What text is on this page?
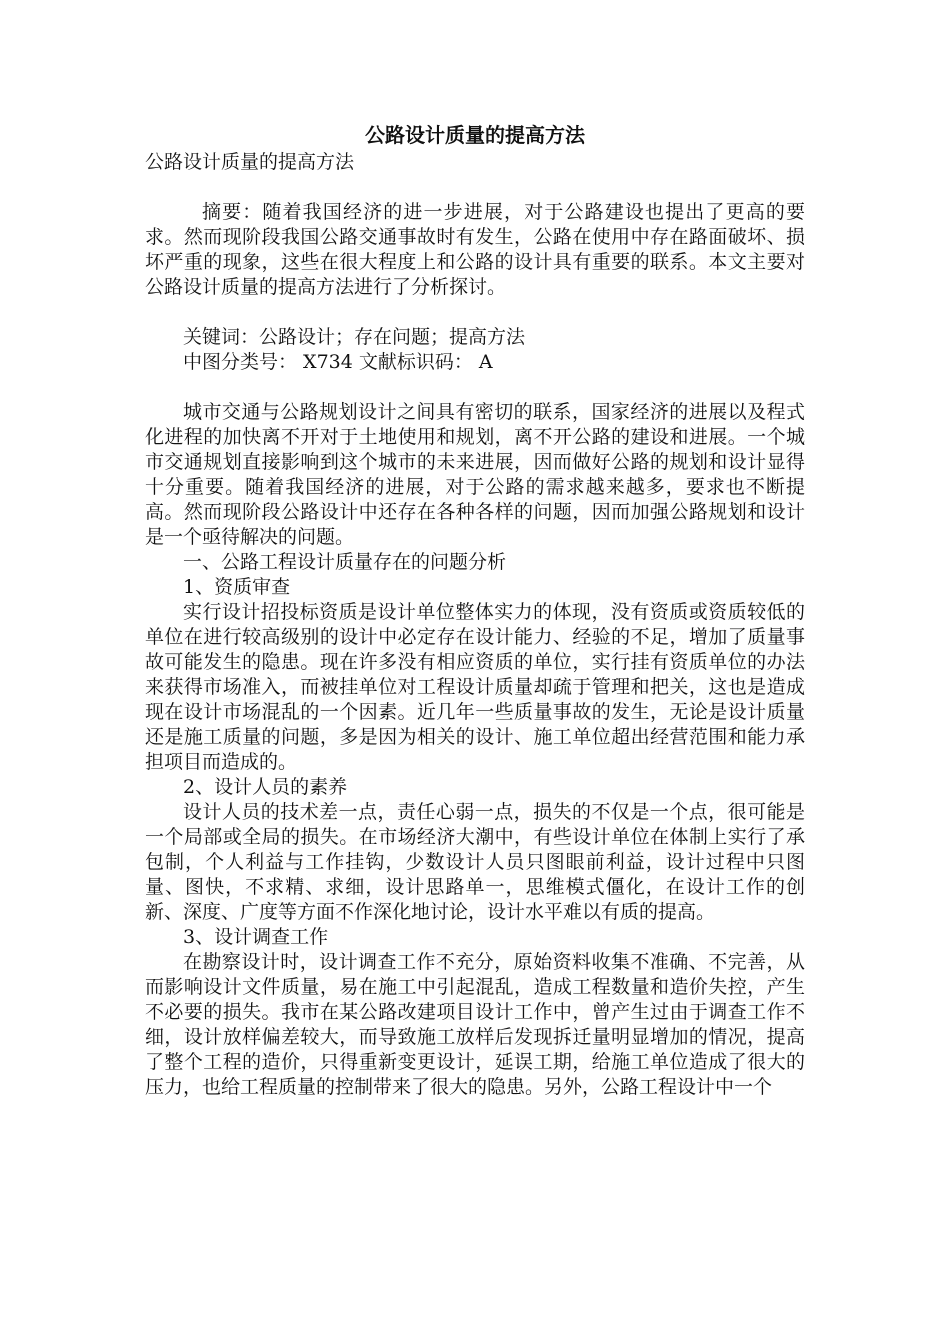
公路设计质量的提高方法

公路设计质量的提高方法

摘要：随着我国经济的进一步进展，对于公路建设也提出了更高的要求。然而现阶段我国公路交通事故时有发生，公路在使用中存在路面破坏、损坏严重的现象，这些在很大程度上和公路的设计具有重要的联系。本文主要对公路设计质量的提高方法进行了分析探讨。

关键词：公路设计；存在问题；提高方法

中图分类号： X734 文献标识码： A

城市交通与公路规划设计之间具有密切的联系，国家经济的进展以及程式化进程的加快离不开对于土地使用和规划，离不开公路的建设和进展。一个城市交通规划直接影响到这个城市的未来进展，因而做好公路的规划和设计显得十分重要。随着我国经济的进展，对于公路的需求越来越多，要求也不断提高。然而现阶段公路设计中还存在各种各样的问题，因而加强公路规划和设计是一个亟待解决的问题。

一、公路工程设计质量存在的问题分析

1、资质审查

实行设计招投标资质是设计单位整体实力的体现，没有资质或资质较低的单位在进行较高级别的设计中必定存在设计能力、经验的不足，增加了质量事故可能发生的隐患。现在许多没有相应资质的单位，实行挂有资质单位的办法来获得市场准入，而被挂单位对工程设计质量却疏于管理和把关，这也是造成现在设计市场混乱的一个因素。近几年一些质量事故的发生，无论是设计质量还是施工质量的问题，多是因为相关的设计、施工单位超出经营范围和能力承担项目而造成的。

2、设计人员的素养

设计人员的技术差一点，责任心弱一点，损失的不仅是一个点，很可能是一个局部或全局的损失。在市场经济大潮中，有些设计单位在体制上实行了承包制，个人利益与工作挂钩，少数设计人员只图眼前利益，设计过程中只图量、图快，不求精、求细，设计思路单一，思维模式僵化，在设计工作的创新、深度、广度等方面不作深化地讨论，设计水平难以有质的提高。

3、设计调查工作

在勘察设计时，设计调查工作不充分，原始资料收集不准确、不完善，从而影响设计文件质量，易在施工中引起混乱，造成工程数量和造价失控，产生不必要的损失。我市在某公路改建项目设计工作中，曾产生过由于调查工作不细，设计放样偏差较大，而导致施工放样后发现拆迁量明显增加的情况，提高了整个工程的造价，只得重新变更设计，延误工期，给施工单位造成了很大的压力，也给工程质量的控制带来了很大的隐患。另外，公路工程设计中一个
